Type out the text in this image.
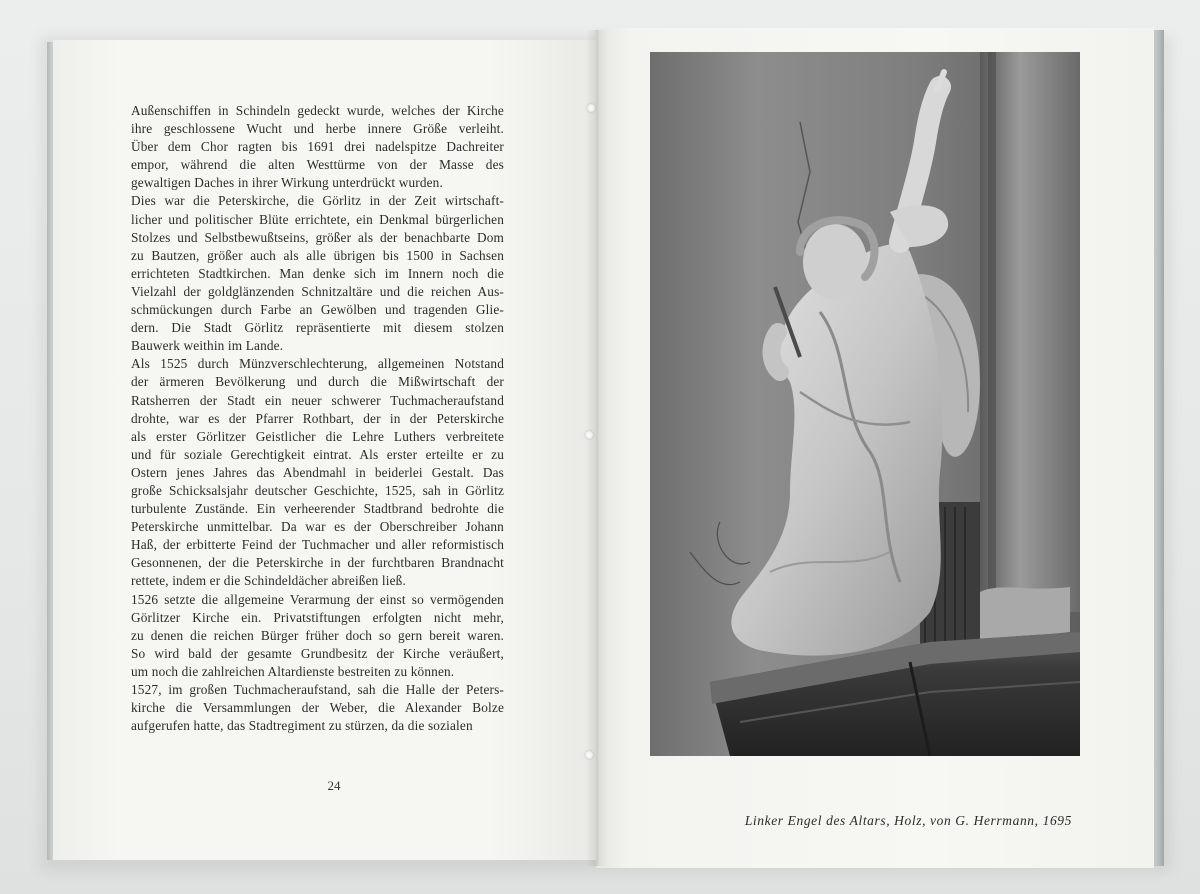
Außenschiffen in Schindeln gedeckt wurde, welches der Kirche
ihre geschlossene Wucht und herbe innere Größe verleiht.
Über dem Chor ragten bis 1691 drei nadelspitze Dachreiter
empor, während die alten Westtürme von der Masse des
gewaltigen Daches in ihrer Wirkung unterdrückt wurden.
Dies war die Peterskirche, die Görlitz in der Zeit wirtschaft-
licher und politischer Blüte errichtete, ein Denkmal bürgerlichen
Stolzes und Selbstbewußtseins, größer als der benachbarte Dom
zu Bautzen, größer auch als alle übrigen bis 1500 in Sachsen
errichteten Stadtkirchen. Man denke sich im Innern noch die
Vielzahl der goldglänzenden Schnitzaltäre und die reichen Aus-
schmückungen durch Farbe an Gewölben und tragenden Glie-
dern. Die Stadt Görlitz repräsentierte mit diesem stolzen
Bauwerk weithin im Lande.
Als 1525 durch Münzverschlechterung, allgemeinen Notstand
der ärmeren Bevölkerung und durch die Mißwirtschaft der
Ratsherren der Stadt ein neuer schwerer Tuchmacheraufstand
drohte, war es der Pfarrer Rothbart, der in der Peterskirche
als erster Görlitzer Geistlicher die Lehre Luthers verbreitete
und für soziale Gerechtigkeit eintrat. Als erster erteilte er zu
Ostern jenes Jahres das Abendmahl in beiderlei Gestalt. Das
große Schicksalsjahr deutscher Geschichte, 1525, sah in Görlitz
turbulente Zustände. Ein verheerender Stadtbrand bedrohte die
Peterskirche unmittelbar. Da war es der Oberschreiber Johann
Haß, der erbitterte Feind der Tuchmacher und aller reformistisch
Gesonnenen, der die Peterskirche in der furchtbaren Brandnacht
rettete, indem er die Schindeldächer abreißen ließ.
1526 setzte die allgemeine Verarmung der einst so vermögenden
Görlitzer Kirche ein. Privatstiftungen erfolgten nicht mehr,
zu denen die reichen Bürger früher doch so gern bereit waren.
So wird bald der gesamte Grundbesitz der Kirche veräußert,
um noch die zahlreichen Altardienste bestreiten zu können.
1527, im großen Tuchmacheraufstand, sah die Halle der Peters-
kirche die Versammlungen der Weber, die Alexander Bolze
aufgerufen hatte, das Stadtregiment zu stürzen, da die sozialen
24
Linker Engel des Altars, Holz, von G. Herrmann, 1695
